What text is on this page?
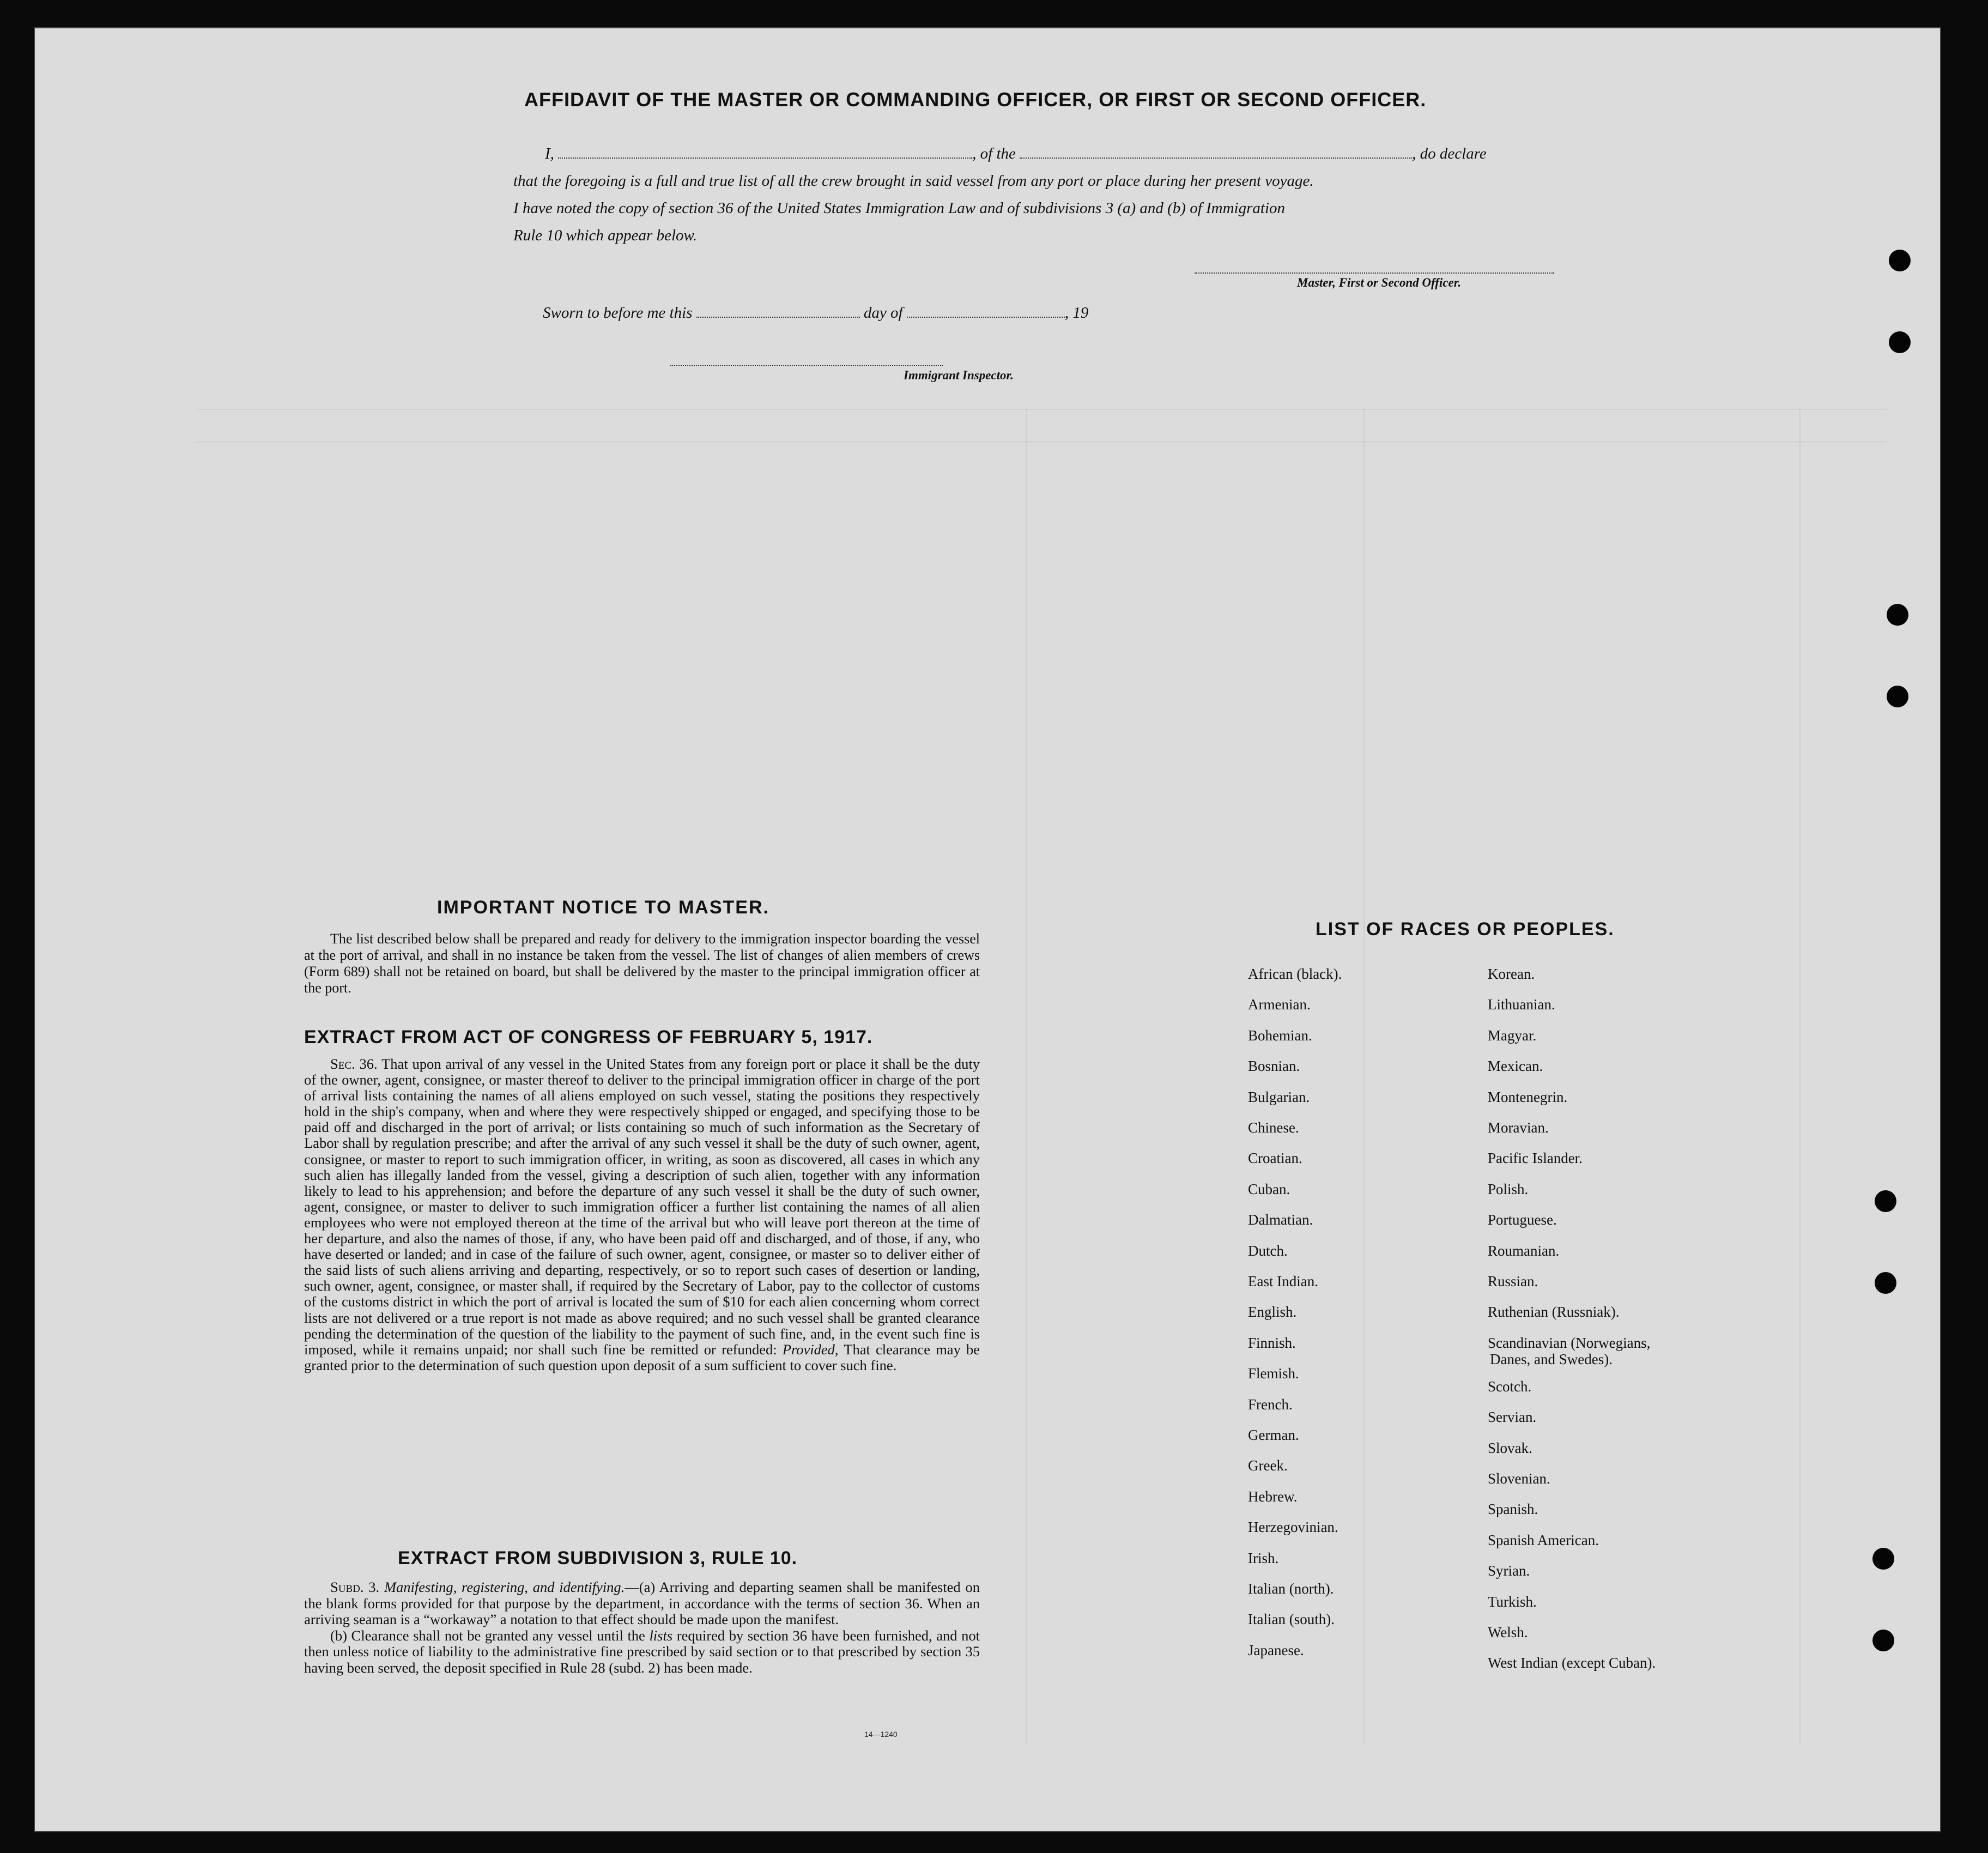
AFFIDAVIT OF THE MASTER OR COMMANDING OFFICER, OR FIRST OR SECOND OFFICER.
I,	, of the	, do declare
that the foregoing is a full and true list of all the crew brought in said vessel from any port or place during her present voyage.
I have noted the copy of section 36 of the United States Immigration Law and of subdivisions 3 (a) and (b) of Immigration
Rule 10 which appear below.
Master, First or Second Officer.
Sworn to before me this	day of	, 19
Immigrant Inspector.
IMPORTANT NOTICE TO MASTER.
The list described below shall be prepared and ready for delivery to the immigration inspector boarding the vessel at the port of arrival, and shall in no instance be taken from the vessel. The list of changes of alien members of crews (Form 689) shall not be retained on board, but shall be delivered by the master to the principal immigration officer at the port.
EXTRACT FROM ACT OF CONGRESS OF FEBRUARY 5, 1917.
Sec. 36. That upon arrival of any vessel in the United States from any foreign port or place it shall be the duty of the owner, agent, consignee, or master thereof to deliver to the principal immigration officer in charge of the port of arrival lists containing the names of all aliens employed on such vessel, stating the positions they respectively hold in the ship's company, when and where they were respectively shipped or engaged, and specifying those to be paid off and discharged in the port of arrival; or lists containing so much of such information as the Secretary of Labor shall by regulation prescribe; and after the arrival of any such vessel it shall be the duty of such owner, agent, consignee, or master to report to such immigration officer, in writing, as soon as discovered, all cases in which any such alien has illegally landed from the vessel, giving a description of such alien, together with any information likely to lead to his apprehension; and before the departure of any such vessel it shall be the duty of such owner, agent, consignee, or master to deliver to such immigration officer a further list containing the names of all alien employees who were not employed thereon at the time of the arrival but who will leave port thereon at the time of her departure, and also the names of those, if any, who have been paid off and discharged, and of those, if any, who have deserted or landed; and in case of the failure of such owner, agent, consignee, or master so to deliver either of the said lists of such aliens arriving and departing, respectively, or so to report such cases of desertion or landing, such owner, agent, consignee, or master shall, if required by the Secretary of Labor, pay to the collector of customs of the customs district in which the port of arrival is located the sum of $10 for each alien concerning whom correct lists are not delivered or a true report is not made as above required; and no such vessel shall be granted clearance pending the determination of the question of the liability to the payment of such fine, and, in the event such fine is imposed, while it remains unpaid; nor shall such fine be remitted or refunded: Provided, That clearance may be granted prior to the determination of such question upon deposit of a sum sufficient to cover such fine.
EXTRACT FROM SUBDIVISION 3, RULE 10.

Subd. 3. Manifesting, registering, and identifying.—(a) Arriving and departing seamen shall be manifested on the blank forms provided for that purpose by the department, in accordance with the terms of section 36. When an arriving seaman is a “workaway” a notation to that effect should be made upon the manifest.

(b) Clearance shall not be granted any vessel until the lists required by section 36 have been furnished, and not then unless notice of liability to the administrative fine prescribed by said section or to that prescribed by section 35 having been served, the deposit specified in Rule 28 (subd. 2) has been made.

14—1240
LIST OF RACES OR PEOPLES.
African (black).
Armenian.
Bohemian.
Bosnian.
Bulgarian.
Chinese.
Croatian.
Cuban.
Dalmatian.
Dutch.
East Indian.
English.
Finnish.
Flemish.
French.
German.
Greek.
Hebrew.
Herzegovinian.
Irish.
Italian (north).
Italian (south).
Japanese.
Korean.
Lithuanian.
Magyar.
Mexican.
Montenegrin.
Moravian.
Pacific Islander.
Polish.
Portuguese.
Roumanian.
Russian.
Ruthenian (Russniak).
Scandinavian (Norwegians,
Danes, and Swedes).
Scotch.
Servian.
Slovak.
Slovenian.
Spanish.
Spanish American.
Syrian.
Turkish.
Welsh.
West Indian (except Cuban).
